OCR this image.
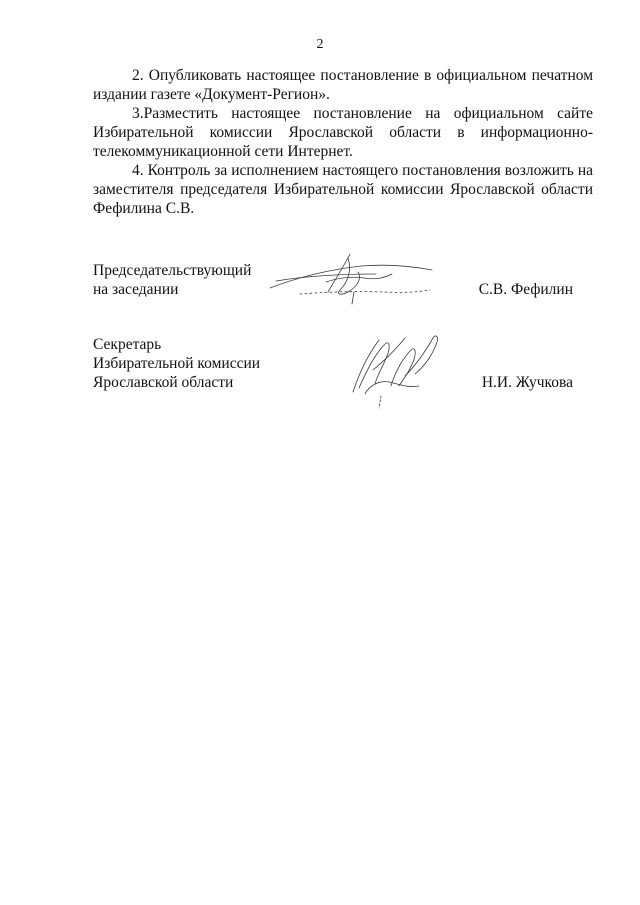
2

2. Опубликовать настоящее постановление в официальном печатном издании газете «Документ-Регион».

3.Разместить настоящее постановление на официальном сайте Избирательной комиссии Ярославской области в информационно-телекоммуникационной сети Интернет.

4. Контроль за исполнением настоящего постановления возложить на заместителя председателя Избирательной комиссии Ярославской области Фефилина С.В.

Председательствующий
на заседании	С.В. Фефилин
Секретарь
Избирательной комиссии
Ярославской области	Н.И. Жучкова
